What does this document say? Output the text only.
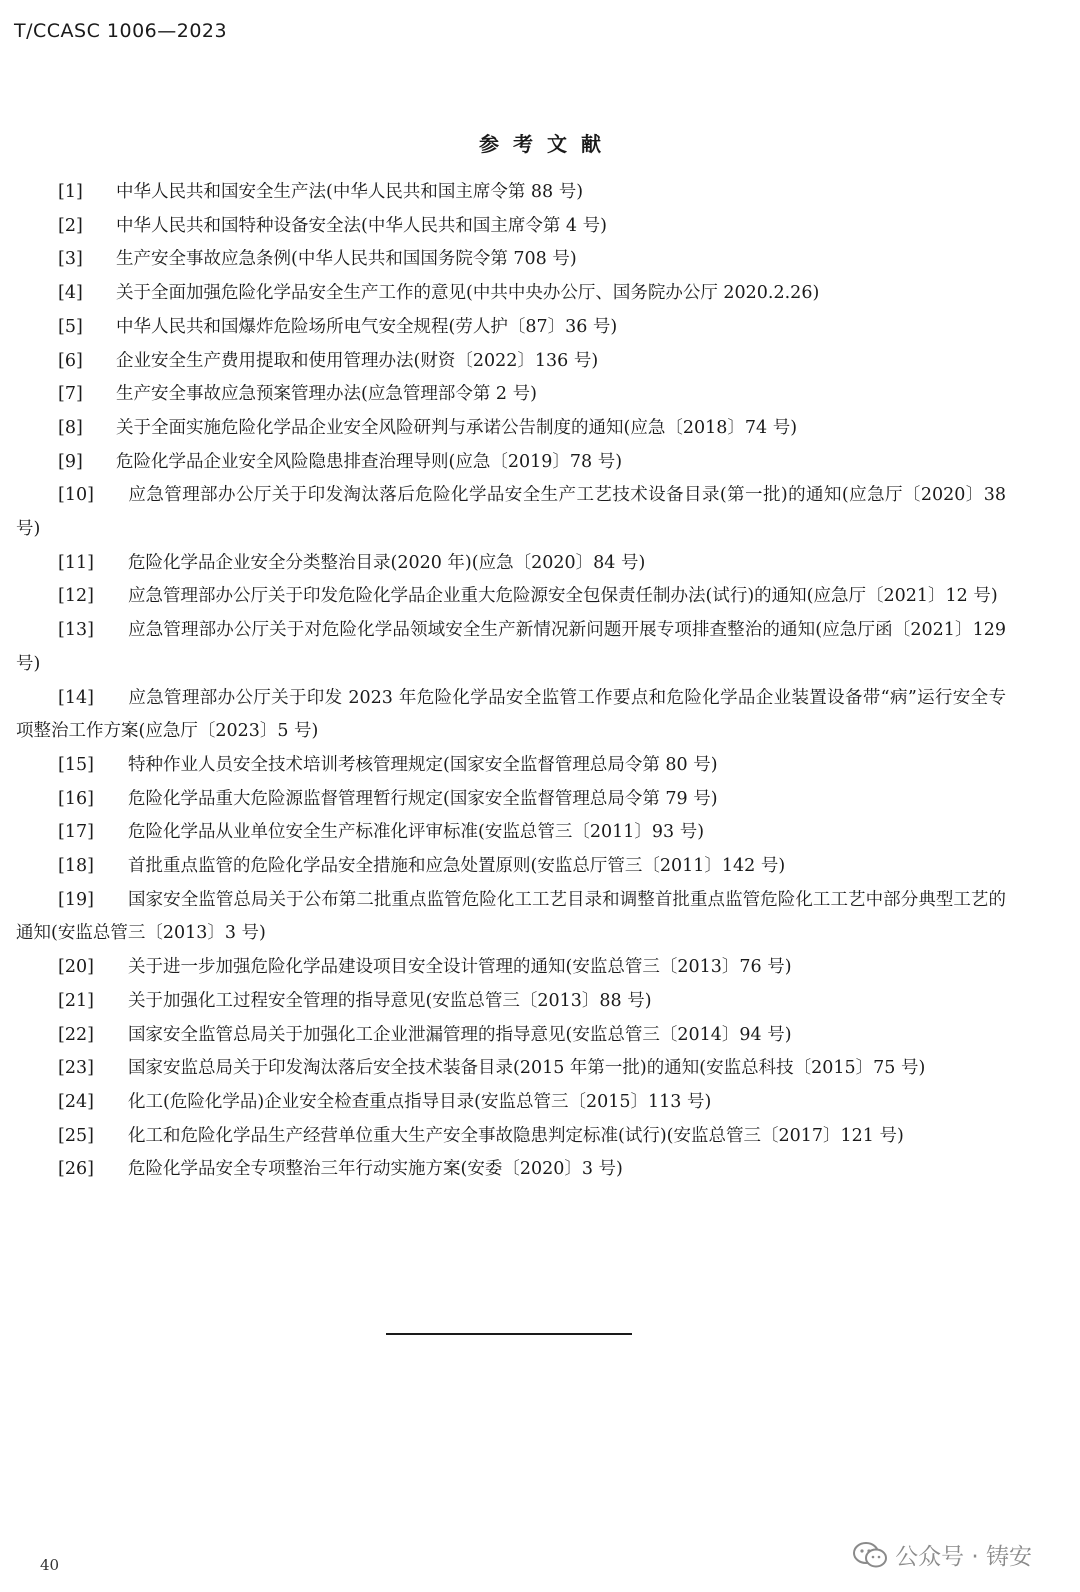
T/CCASC 1006—2023
参考文献

[1] 中华人民共和国安全生产法(中华人民共和国主席令第 88 号)

[2] 中华人民共和国特种设备安全法(中华人民共和国主席令第 4 号)

[3] 生产安全事故应急条例(中华人民共和国国务院令第 708 号)

[4] 关于全面加强危险化学品安全生产工作的意见(中共中央办公厅、国务院办公厅 2020.2.26)

[5] 中华人民共和国爆炸危险场所电气安全规程(劳人护〔87〕36 号)

[6] 企业安全生产费用提取和使用管理办法(财资〔2022〕136 号)

[7] 生产安全事故应急预案管理办法(应急管理部令第 2 号)

[8] 关于全面实施危险化学品企业安全风险研判与承诺公告制度的通知(应急〔2018〕74 号)

[9] 危险化学品企业安全风险隐患排查治理导则(应急〔2019〕78 号)

[10] 应急管理部办公厅关于印发淘汰落后危险化学品安全生产工艺技术设备目录(第一批)的通知(应急厅〔2020〕38 号)

[11] 危险化学品企业安全分类整治目录(2020 年)(应急〔2020〕84 号)

[12] 应急管理部办公厅关于印发危险化学品企业重大危险源安全包保责任制办法(试行)的通知(应急厅〔2021〕12 号)

[13] 应急管理部办公厅关于对危险化学品领域安全生产新情况新问题开展专项排查整治的通知(应急厅函〔2021〕129 号)

[14] 应急管理部办公厅关于印发 2023 年危险化学品安全监管工作要点和危险化学品企业装置设备带“病”运行安全专项整治工作方案(应急厅〔2023〕5 号)

[15] 特种作业人员安全技术培训考核管理规定(国家安全监督管理总局令第 80 号)

[16] 危险化学品重大危险源监督管理暂行规定(国家安全监督管理总局令第 79 号)

[17] 危险化学品从业单位安全生产标准化评审标准(安监总管三〔2011〕93 号)

[18] 首批重点监管的危险化学品安全措施和应急处置原则(安监总厅管三〔2011〕142 号)

[19] 国家安全监管总局关于公布第二批重点监管危险化工工艺目录和调整首批重点监管危险化工工艺中部分典型工艺的通知(安监总管三〔2013〕3 号)

[20] 关于进一步加强危险化学品建设项目安全设计管理的通知(安监总管三〔2013〕76 号)

[21] 关于加强化工过程安全管理的指导意见(安监总管三〔2013〕88 号)

[22] 国家安全监管总局关于加强化工企业泄漏管理的指导意见(安监总管三〔2014〕94 号)

[23] 国家安监总局关于印发淘汰落后安全技术装备目录(2015 年第一批)的通知(安监总科技〔2015〕75 号)

[24] 化工(危险化学品)企业安全检查重点指导目录(安监总管三〔2015〕113 号)

[25] 化工和危险化学品生产经营单位重大生产安全事故隐患判定标准(试行)(安监总管三〔2017〕121 号)

[26] 危险化学品安全专项整治三年行动实施方案(安委〔2020〕3 号)

40	公众号 · 铸安
